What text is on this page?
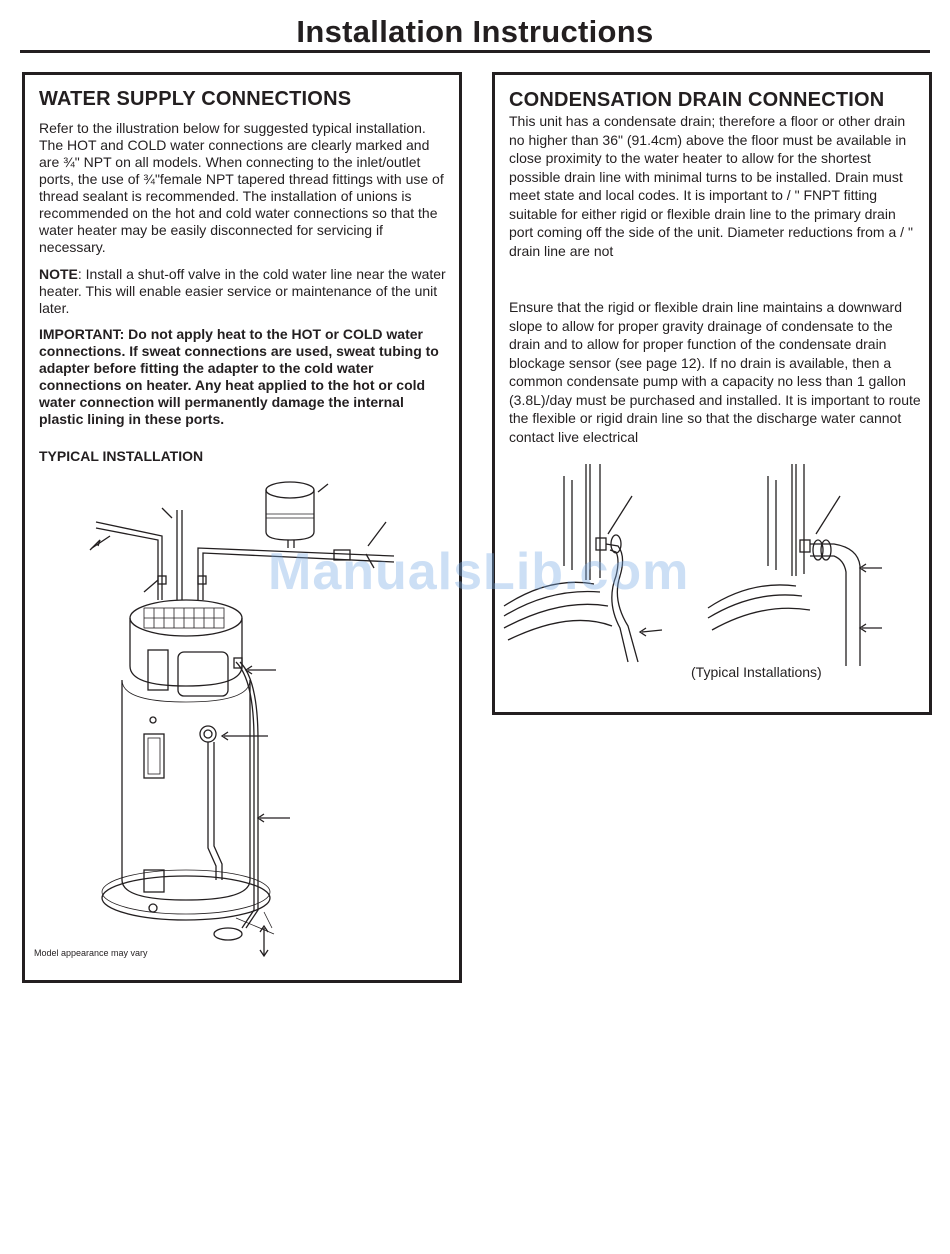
Installation Instructions
WATER SUPPLY CONNECTIONS

Refer to the illustration below for suggested typical installation. The HOT and COLD water connections are clearly marked and are ¾" NPT on all models. When connecting to the inlet/outlet ports, the use of ¾"female NPT tapered thread fittings with use of thread sealant is recommended. The installation of unions is recommended on the hot and cold water connections so that the water heater may be easily disconnected for servicing if necessary.

NOTE: Install a shut-off valve in the cold water line near the water heater. This will enable easier service or maintenance of the unit later.

IMPORTANT: Do not apply heat to the HOT or COLD water connections. If sweat connections are used, sweat tubing to adapter before fitting the adapter to the cold water connections on heater. Any heat applied to the hot or cold water connection will permanently damage the internal plastic lining in these ports.

TYPICAL INSTALLATION
Model appearance may vary
CONDENSATION DRAIN CONNECTION

This unit has a condensate drain; therefore a floor or other drain no higher than 36" (91.4cm) above the floor must be available in close proximity to the water heater to allow for the shortest possible drain line with minimal turns to be installed. Drain must meet state and local codes. It is important to / " FNPT fitting suitable for either rigid or flexible drain line to the primary drain port coming off the side of the unit. Diameter reductions from a / " drain line are not

Ensure that the rigid or flexible drain line maintains a downward slope to allow for proper gravity drainage of condensate to the drain and to allow for proper function of the condensate drain blockage sensor (see page 12). If no drain is available, then a common condensate pump with a capacity no less than 1 gallon (3.8L)/day must be purchased and installed. It is important to route the flexible or rigid drain line so that the discharge water cannot contact live electrical

(Typical Installations)
ManualsLib.com
